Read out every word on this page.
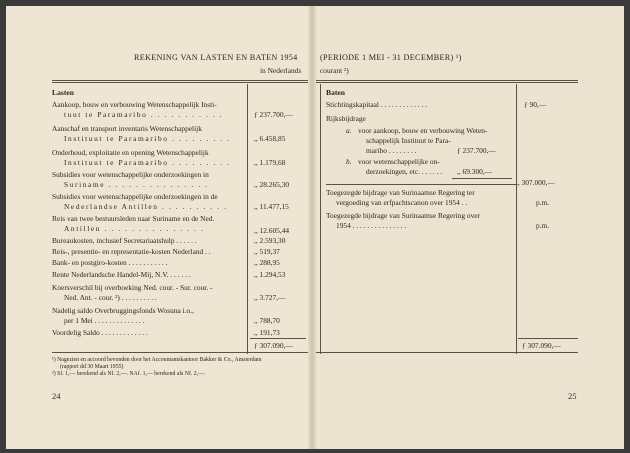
REKENING VAN LASTEN EN BATEN 1954
in Nederlands
(PERIODE 1 MEI - 31 DECEMBER) ¹)
courant ²)
Lasten	Baten
Aankoop, bouw en verbouwing Wetenschappelijk Insti-
tuut te Paramaribo . . . . . . . . . . .	ƒ 237.700,—
Aanschaf en transport inventaris Wetenschappelijk
Instituut te Paramaribo . . . . . . . . .	,, 6.458,85
Onderhoud, exploitatie en opening Wetenschappelijk
Instituut te Paramaribo . . . . . . . . .	,, 1.179,68
Subsidies voor wetenschappelijke onderzoekingen in
Suriname . . . . . . . . . . . . . . .	,, 28.265,30
Subsidies voor wetenschappelijke onderzoekingen in de
Nederlandse Antillen . . . . . . . . . .	,, 11.477,15
Reis van twee bestuursleden naar Suriname en de Ned.
Antillen . . . . . . . . . . . . . . .	,, 12.605,44
Bureaukosten, inclusief Secretariaatshulp . . . . . .	,, 2.593,30
Reis-, presentie- en representatie-kosten Nederland . .	,, 519,37
Bank- en postgiro-kosten . . . . . . . . . . .	,, 288,95
Rente Nederlandsche Handel-Mij, N.V. . . . . . .	,, 1.294,53
Koersverschil bij overboeking Ned. cour. - Sur. cour. -
Ned. Ant. - cour. ²) . . . . . . . . . .	,, 3.727,—
Nadelig saldo Overbruggingsfonds Wosuna i.o.,
per 1 Mei . . . . . . . . . . . . . .	,, 788,70
Voordelig Saldo . . . . . . . . . . . . .	,, 191,73
ƒ 307.090,—
Stichtingskapitaal . . . . . . . . . . . . .	ƒ 90,—
Rijksbijdrage
a. voor aankoop, bouw en verbouwing Weten-
schappelijk Instituut te Para-
maribo . . . . . . . .	ƒ 237.700,—
b. voor wetenschappelijke on-
derzoekingen, etc. . . . . . . ,, 69.300,—
,, 307.000,—
Toegezegde bijdrage van Surinaamse Regering ter
vergoeding van erfpachtscanon over 1954 . .	p.m.
Toegezegde bijdrage van Surinaamse Regering over
1954 . . . . . . . . . . . . . . .	p.m.
ƒ 307.090,—
¹) Nagezien en accoord bevonden door het Accountantskantoor Bakker & Co., Amsterdam
(rapport dd 30 Maart 1955)
²) Sf. 1,— berekend als Nf. 2,—. NAf. 1,— berekend als Nf. 2,—.
24	25
